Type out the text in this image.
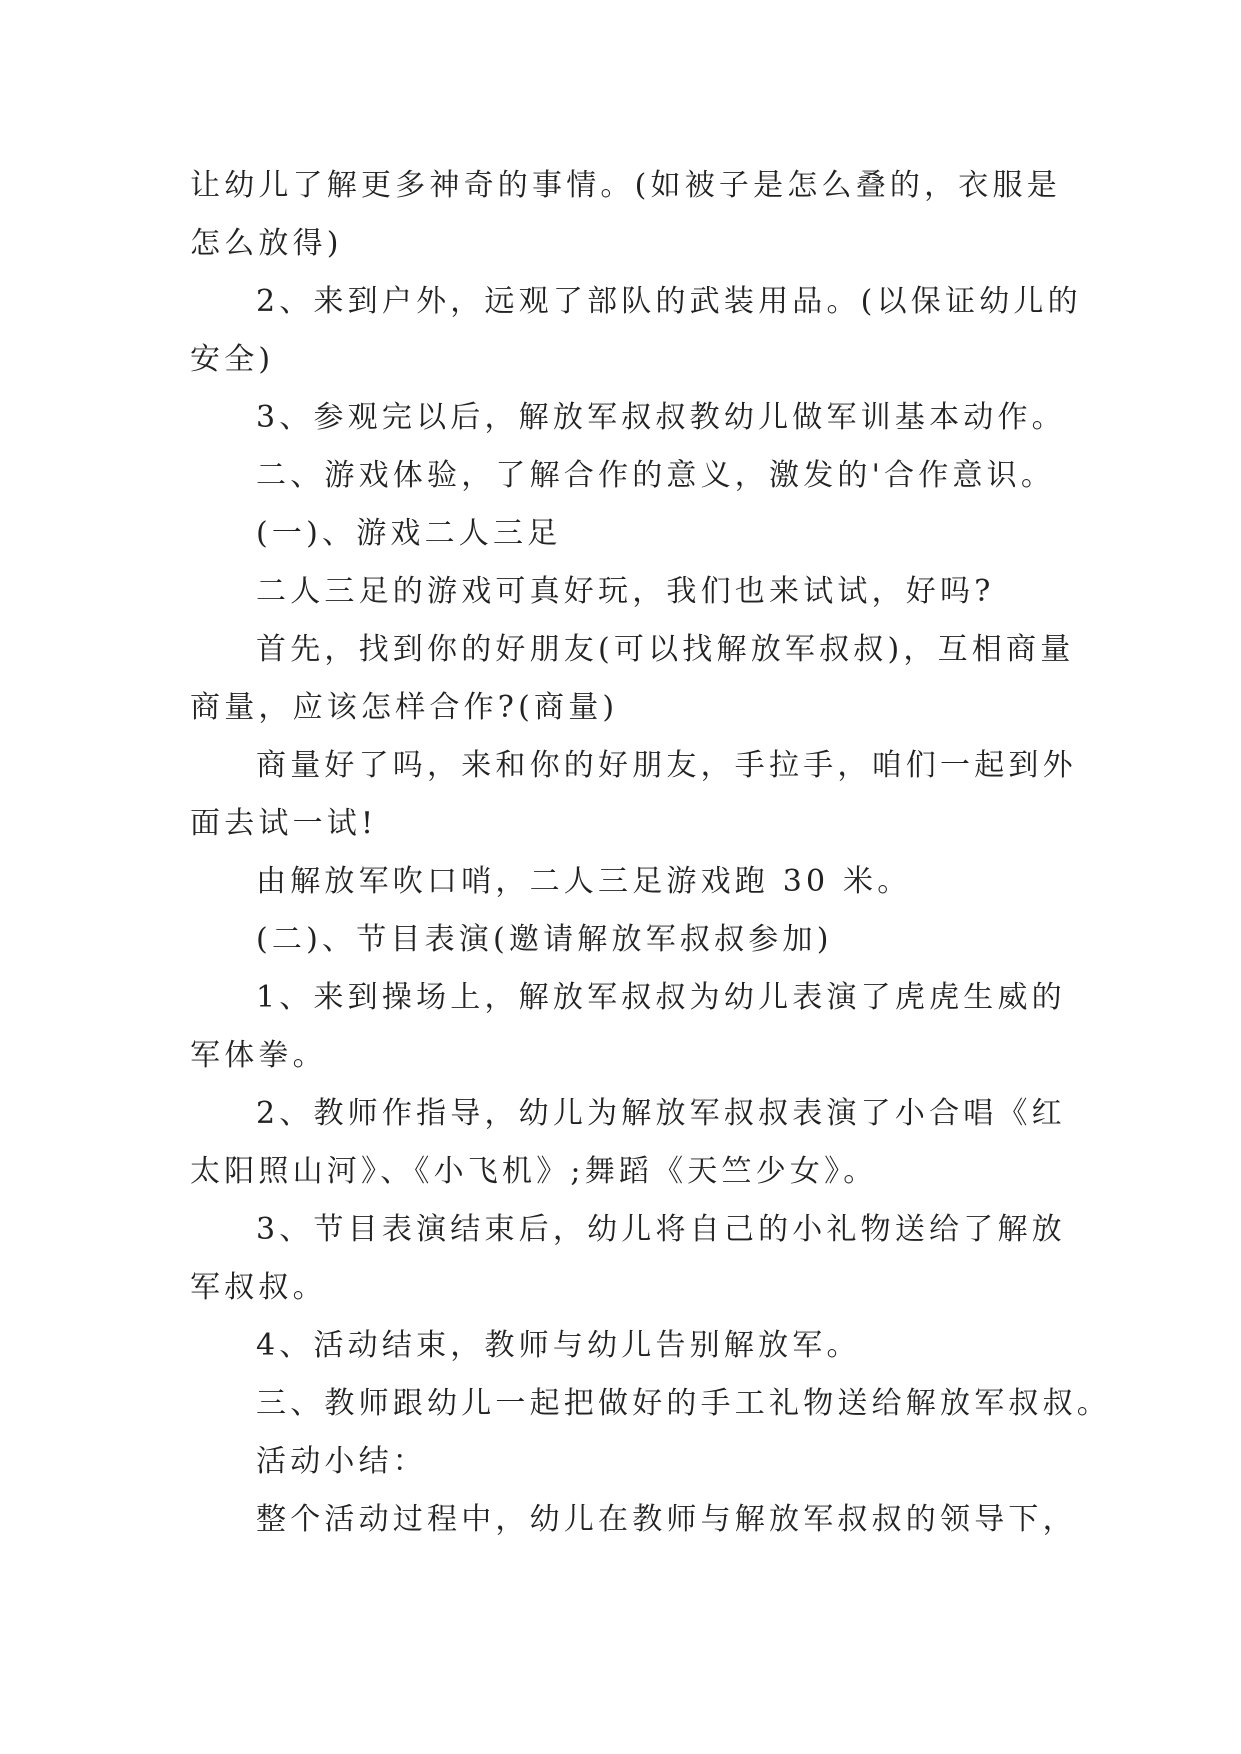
让幼儿了解更多神奇的事情。(如被子是怎么叠的，衣服是
怎么放得)
2、来到户外，远观了部队的武装用品。(以保证幼儿的
安全)
3、参观完以后，解放军叔叔教幼儿做军训基本动作。
二、游戏体验，了解合作的意义，激发的'合作意识。
(一)、游戏二人三足
二人三足的游戏可真好玩，我们也来试试，好吗?
首先，找到你的好朋友(可以找解放军叔叔)，互相商量
商量，应该怎样合作?(商量)
商量好了吗，来和你的好朋友，手拉手，咱们一起到外
面去试一试!
由解放军吹口哨，二人三足游戏跑 30 米。
(二)、节目表演(邀请解放军叔叔参加)
1、来到操场上，解放军叔叔为幼儿表演了虎虎生威的
军体拳。
2、教师作指导，幼儿为解放军叔叔表演了小合唱《红
太阳照山河》、《小飞机》;舞蹈《天竺少女》。
3、节目表演结束后，幼儿将自己的小礼物送给了解放
军叔叔。
4、活动结束，教师与幼儿告别解放军。
三、教师跟幼儿一起把做好的手工礼物送给解放军叔叔。
活动小结：
整个活动过程中，幼儿在教师与解放军叔叔的领导下，
